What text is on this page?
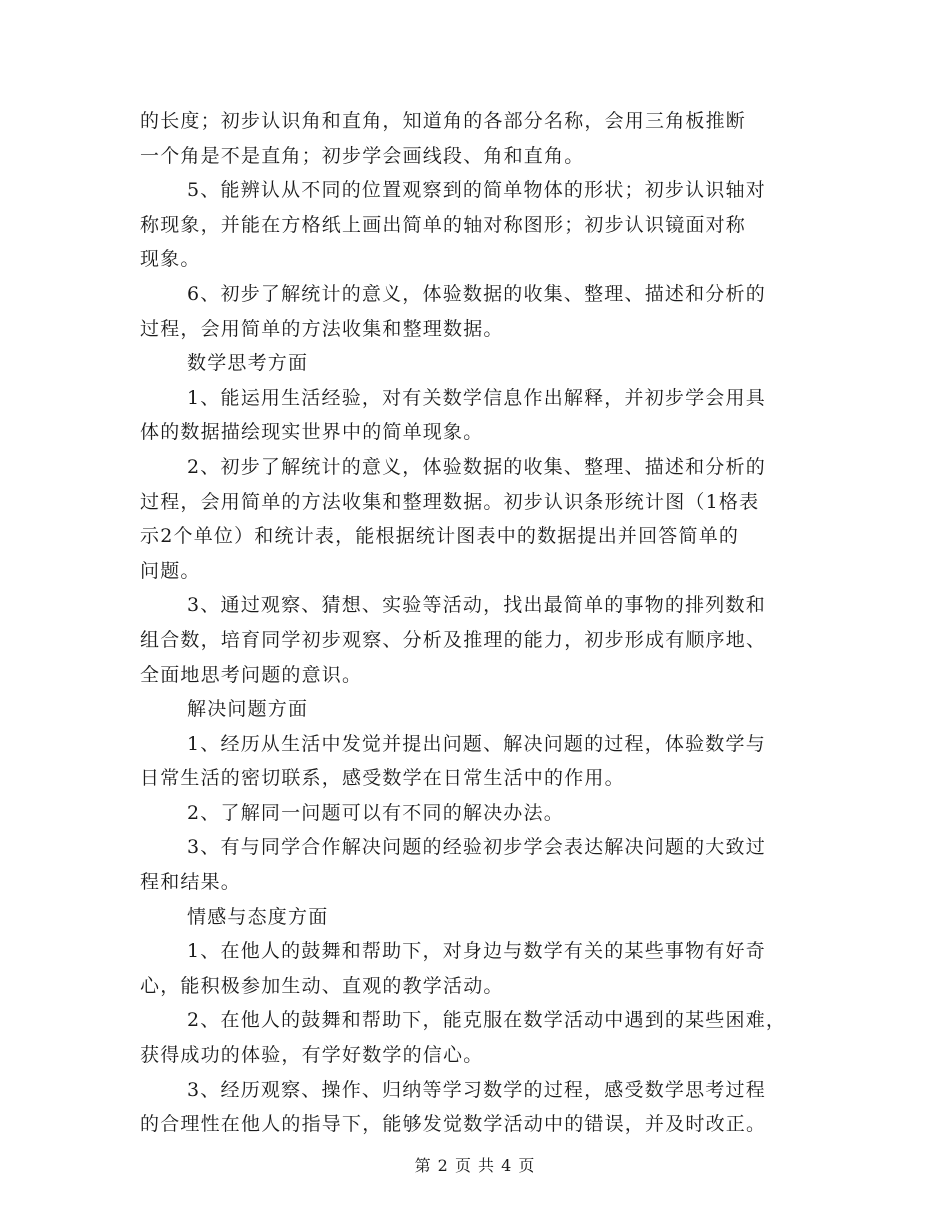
的长度；初步认识角和直角，知道角的各部分名称，会用三角板推断
一个角是不是直角；初步学会画线段、角和直角。
5、能辨认从不同的位置观察到的简单物体的形状；初步认识轴对
称现象，并能在方格纸上画出简单的轴对称图形；初步认识镜面对称
现象。
6、初步了解统计的意义，体验数据的收集、整理、描述和分析的
过程，会用简单的方法收集和整理数据。
数学思考方面
1、能运用生活经验，对有关数学信息作出解释，并初步学会用具
体的数据描绘现实世界中的简单现象。
2、初步了解统计的意义，体验数据的收集、整理、描述和分析的
过程，会用简单的方法收集和整理数据。初步认识条形统计图（1格表
示2个单位）和统计表，能根据统计图表中的数据提出并回答简单的
问题。
3、通过观察、猜想、实验等活动，找出最简单的事物的排列数和
组合数，培育同学初步观察、分析及推理的能力，初步形成有顺序地、
全面地思考问题的意识。
解决问题方面
1、经历从生活中发觉并提出问题、解决问题的过程，体验数学与
日常生活的密切联系，感受数学在日常生活中的作用。
2、了解同一问题可以有不同的解决办法。
3、有与同学合作解决问题的经验初步学会表达解决问题的大致过
程和结果。
情感与态度方面
1、在他人的鼓舞和帮助下，对身边与数学有关的某些事物有好奇
心，能积极参加生动、直观的教学活动。
2、在他人的鼓舞和帮助下，能克服在数学活动中遇到的某些困难，
获得成功的体验，有学好数学的信心。
3、经历观察、操作、归纳等学习数学的过程，感受数学思考过程
的合理性在他人的指导下，能够发觉数学活动中的错误，并及时改正。
第 2 页 共 4 页
